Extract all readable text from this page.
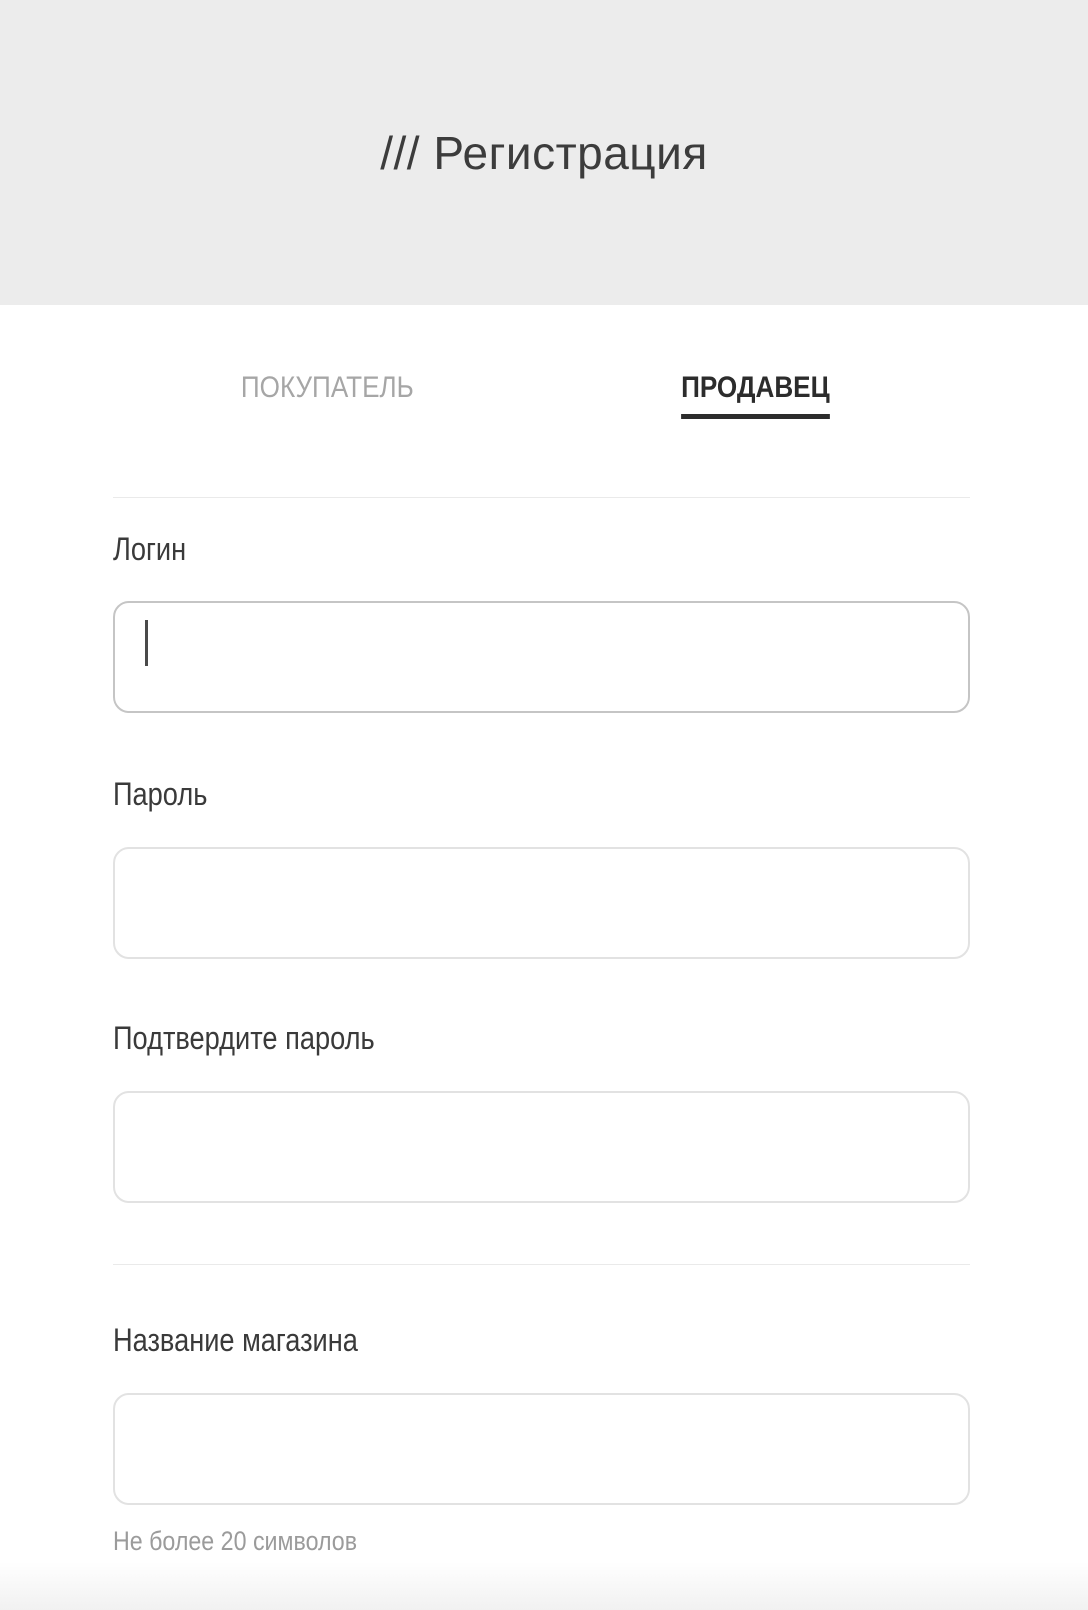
/// Регистрация
ПОКУПАТЕЛЬ	ПРОДАВЕЦ
Логин
Пароль
Подтвердите пароль
Название магазина
Не более 20 символов
